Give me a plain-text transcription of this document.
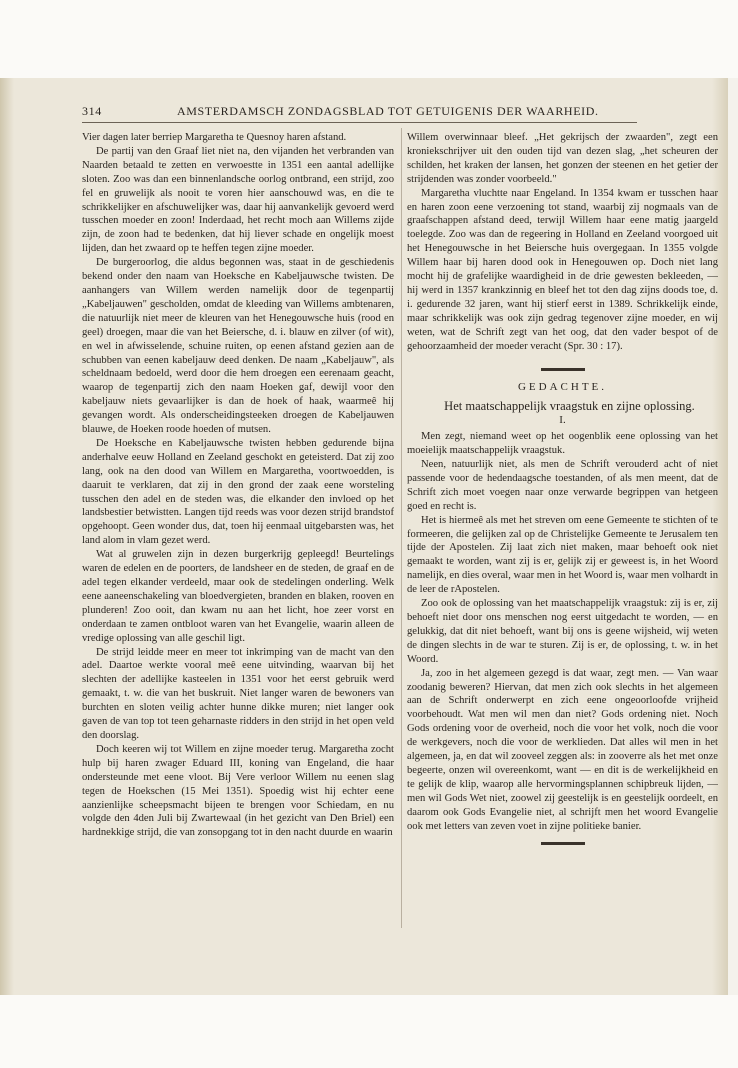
314	AMSTERDAMSCH ZONDAGSBLAD TOT GETUIGENIS DER WAARHEID.

Vier dagen later berriep Margaretha te Quesnoy haren afstand.

De partij van den Graaf liet niet na, den vijanden het verbranden van Naarden betaald te zetten en verwoestte in 1351 een aantal adellijke sloten. Zoo was dan een binnenlandsche oorlog ontbrand, een strijd, zoo fel en gruwelijk als nooit te voren hier aanschouwd was, en die te schrikkelijker en afschuwelijker was, daar hij aanvankelijk gevoerd werd tusschen moeder en zoon! Inderdaad, het recht moch aan Willems zijde zijn, de zoon had te bedenken, dat hij liever schade en ongelijk moest lijden, dan het zwaard op te heffen tegen zijne moeder.

De burgeroorlog, die aldus begonnen was, staat in de geschiedenis bekend onder den naam van Hoeksche en Kabeljauwsche twisten. De aanhangers van Willem werden namelijk door de tegenpartij „Kabeljauwen" gescholden, omdat de kleeding van Willems ambtenaren, die natuurlijk niet meer de kleuren van het Henegouwsche huis (rood en geel) droegen, maar die van het Beiersche, d. i. blauw en zilver (of wit), en wel in afwisselende, schuine ruiten, op eenen afstand gezien aan de schubben van eenen kabeljauw deed denken. De naam „Kabeljauw", als scheldnaam bedoeld, werd door die hem droegen een eerenaam geacht, waarop de tegenpartij zich den naam Hoeken gaf, dewijl voor den kabeljauw niets gevaarlijker is dan de hoek of haak, waarmeê hij gevangen wordt. Als onderscheidingsteeken droegen de Kabeljauwen blauwe, de Hoeken roode hoeden of mutsen.

De Hoeksche en Kabeljauwsche twisten hebben gedurende bijna anderhalve eeuw Holland en Zeeland geschokt en geteisterd. Dat zij zoo lang, ook na den dood van Willem en Margaretha, voortwoedden, is daaruit te verklaren, dat zij in den grond der zaak eene worsteling tusschen den adel en de steden was, die elkander den invloed op het landsbestier betwistten. Langen tijd reeds was voor dezen strijd brandstof opgehoopt. Geen wonder dus, dat, toen hij eenmaal uitgebarsten was, het land alom in vlam gezet werd.

Wat al gruwelen zijn in dezen burgerkrijg gepleegd! Beurtelings waren de edelen en de poorters, de landsheer en de steden, de graaf en de adel tegen elkander verdeeld, maar ook de stedelingen onderling. Welk eene aaneenschakeling van bloedvergieten, branden en blaken, rooven en plunderen! Zoo ooit, dan kwam nu aan het licht, hoe zeer vorst en onderdaan te zamen ontbloot waren van het Evangelie, waarin alleen de vredige oplossing van alle geschil ligt.

De strijd leidde meer en meer tot inkrimping van de macht van den adel. Daartoe werkte vooral meê eene uitvinding, waarvan bij het slechten der adellijke kasteelen in 1351 voor het eerst gebruik werd gemaakt, t. w. die van het buskruit. Niet langer waren de bewoners van burchten en sloten veilig achter hunne dikke muren; niet langer ook gaven de van top tot teen geharnaste ridders in den strijd in het open veld den doorslag.

Doch keeren wij tot Willem en zijne moeder terug. Margaretha zocht hulp bij haren zwager Eduard III, koning van Engeland, die haar ondersteunde met eene vloot. Bij Vere verloor Willem nu eenen slag tegen de Hoekschen (15 Mei 1351). Spoedig wist hij echter eene aanzienlijke scheepsmacht bijeen te brengen voor Schiedam, en nu volgde den 4den Juli bij Zwartewaal (in het gezicht van Den Briel) een hardnekkige strijd, die van zonsopgang tot in den nacht duurde en waarin

Willem overwinnaar bleef. „Het gekrijsch der zwaarden", zegt een kroniekschrijver uit den ouden tijd van dezen slag, „het scheuren der schilden, het kraken der lansen, het gonzen der steenen en het getier der strijdenden was zonder voorbeeld."

Margaretha vluchtte naar Engeland. In 1354 kwam er tusschen haar en haren zoon eene verzoening tot stand, waarbij zij nogmaals van de graafschappen afstand deed, terwijl Willem haar eene matig jaargeld toelegde. Zoo was dan de regeering in Holland en Zeeland voorgoed uit het Henegouwsche in het Beiersche huis overgegaan. In 1355 volgde Willem haar bij haren dood ook in Henegouwen op. Doch niet lang mocht hij de grafelijke waardigheid in de drie gewesten bekleeden, — hij werd in 1357 krankzinnig en bleef het tot den dag zijns doods toe, d. i. gedurende 32 jaren, want hij stierf eerst in 1389. Schrikkelijk einde, maar schrikkelijk was ook zijn gedrag tegenover zijne moeder, en wij weten, wat de Schrift zegt van het oog, dat den vader bespot of de gehoorzaamheid der moeder veracht (Spr. 30 : 17).

GEDACHTE.

Het maatschappelijk vraagstuk en zijne oplossing.

I.

Men zegt, niemand weet op het oogenblik eene oplossing van het moeielijk maatschappelijk vraagstuk.

Neen, natuurlijk niet, als men de Schrift verouderd acht of niet passende voor de hedendaagsche toestanden, of als men meent, dat de Schrift zich moet voegen naar onze verwarde begrippen van hetgeen goed en recht is.

Het is hiermeê als met het streven om eene Gemeente te stichten of te formeeren, die gelijken zal op de Christelijke Gemeente te Jerusalem ten tijde der Apostelen. Zij laat zich niet maken, maar behoeft ook niet gemaakt te worden, want zij is er, gelijk zij er geweest is, in het Woord namelijk, en dies overal, waar men in het Woord is, waar men volhardt in de leer de rApostelen.

Zoo ook de oplossing van het maatschappelijk vraagstuk: zij is er, zij behoeft niet door ons menschen nog eerst uitgedacht te worden, — en gelukkig, dat dit niet behoeft, want bij ons is geene wijsheid, wij weten de dingen slechts in de war te sturen. Zij is er, de oplossing, t. w. in het Woord.

Ja, zoo in het algemeen gezegd is dat waar, zegt men. — Van waar zoodanig beweren? Hiervan, dat men zich ook slechts in het algemeen aan de Schrift onderwerpt en zich eene ongeoorloofde vrijheid voorbehoudt. Wat men wil men dan niet? Gods ordening niet. Noch Gods ordening voor de overheid, noch die voor het volk, noch die voor de werkgevers, noch die voor de werklieden. Dat alles wil men in het algemeen, ja, en dat wil zooveel zeggen als: in zooverre als het met onze begeerte, onzen wil overeenkomt, want — en dit is de werkelijkheid en te gelijk de klip, waarop alle hervormingsplannen schipbreuk lijden, — men wil Gods Wet niet, zoowel zij geestelijk is en geestelijk oordeelt, en daarom ook Gods Evangelie niet, al schrijft men het woord Evangelie ook met letters van zeven voet in zijne politieke banier.
